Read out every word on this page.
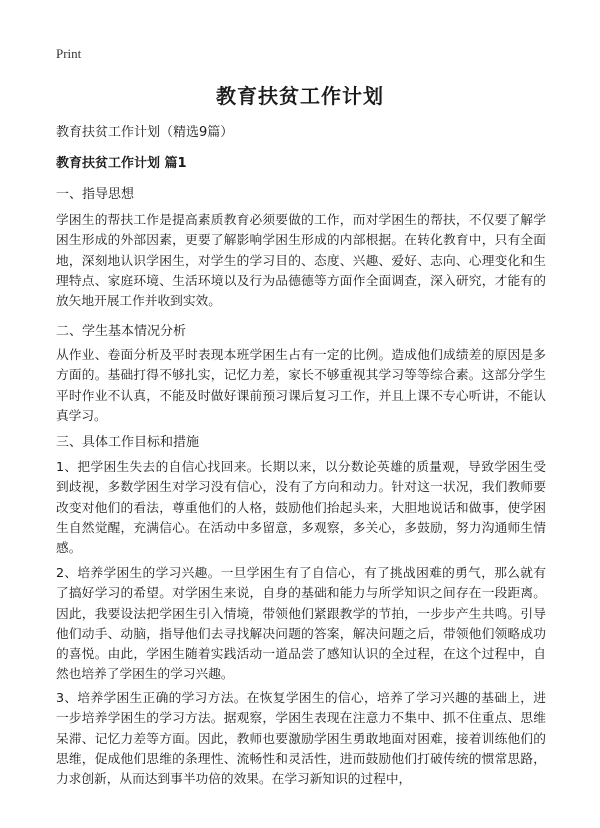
Print
教育扶贫工作计划
教育扶贫工作计划（精选9篇）
教育扶贫工作计划 篇1
一、指导思想
学困生的帮扶工作是提高素质教育必须要做的工作，而对学困生的帮扶，不仅要了解学困生形成的外部因素，更要了解影响学困生形成的内部根据。在转化教育中，只有全面地，深刻地认识学困生，对学生的学习目的、态度、兴趣、爱好、志向、心理变化和生理特点、家庭环境、生活环境以及行为品德德等方面作全面调查，深入研究，才能有的放矢地开展工作并收到实效。
二、学生基本情况分析
从作业、卷面分析及平时表现本班学困生占有一定的比例。造成他们成绩差的原因是多方面的。基础打得不够扎实，记忆力差，家长不够重视其学习等等综合素。这部分学生平时作业不认真，不能及时做好课前预习课后复习工作，并且上课不专心听讲，不能认真学习。
三、具体工作目标和措施
1、把学困生失去的自信心找回来。长期以来，以分数论英雄的质量观，导致学困生受到歧视，多数学困生对学习没有信心，没有了方向和动力。针对这一状况，我们教师要改变对他们的看法，尊重他们的人格，鼓励他们抬起头来，大胆地说话和做事，使学困生自然觉醒，充满信心。在活动中多留意，多观察，多关心，多鼓励，努力沟通师生情感。
2、培养学困生的学习兴趣。一旦学困生有了自信心，有了挑战困难的勇气，那么就有了搞好学习的希望。对学困生来说，自身的基础和能力与所学知识之间存在一段距离。因此，我要设法把学困生引入情境，带领他们紧跟教学的节拍，一步步产生共鸣。引导他们动手、动脑，指导他们去寻找解决问题的答案，解决问题之后，带领他们领略成功的喜悦。由此，学困生随着实践活动一道品尝了感知认识的全过程，在这个过程中，自然也培养了学困生的学习兴趣。
3、培养学困生正确的学习方法。在恢复学困生的信心，培养了学习兴趣的基础上，进一步培养学困生的学习方法。据观察，学困生表现在注意力不集中、抓不住重点、思维呆滞、记忆力差等方面。因此，教师也要激励学困生勇敢地面对困难，接着训练他们的思维，促成他们思维的条理性、流畅性和灵活性，进而鼓励他们打破传统的惯常思路，力求创新，从而达到事半功倍的效果。在学习新知识的过程中，
